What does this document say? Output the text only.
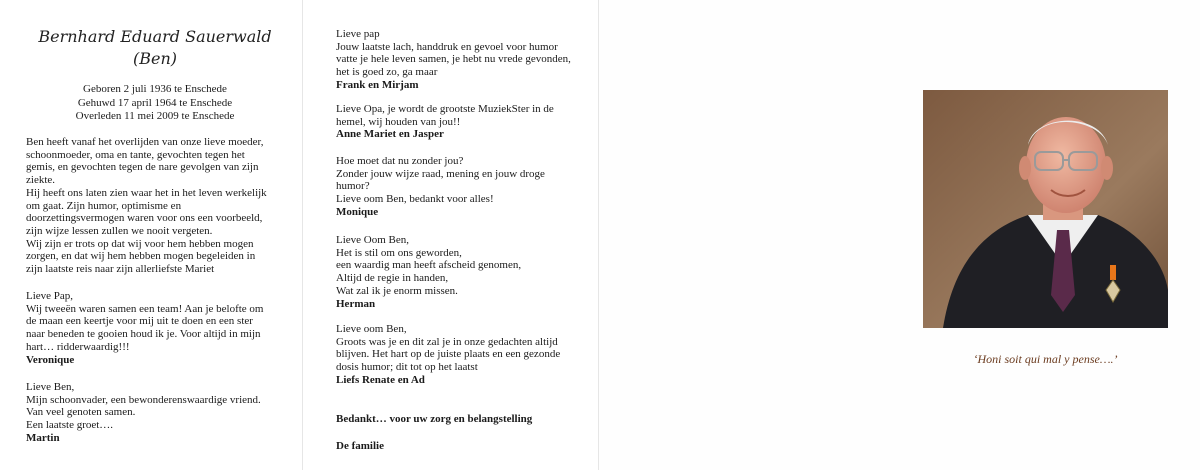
Bernhard Eduard Sauerwald
(Ben)
Geboren 2 juli 1936 te Enschede
Gehuwd 17 april 1964 te Enschede
Overleden 11 mei 2009 te Enschede

Ben heeft vanaf het overlijden van onze lieve moeder,

schoonmoeder, oma en tante, gevochten tegen het

gemis, en gevochten tegen de nare gevolgen van zijn

ziekte.

Hij heeft ons laten zien waar het in het leven werkelijk

om gaat. Zijn humor, optimisme en

doorzettingsvermogen waren voor ons een voorbeeld,

zijn wijze lessen zullen we nooit vergeten.

Wij zijn er trots op dat wij voor hem hebben mogen

zorgen, en dat wij hem hebben mogen begeleiden in

zijn laatste reis naar zijn allerliefste Mariet

Lieve Pap,

Wij tweeën waren samen een team! Aan je belofte om

de maan een keertje voor mij uit te doen en een ster

naar beneden te gooien houd ik je. Voor altijd in mijn

hart… ridderwaardig!!!

Veronique

Lieve Ben,

Mijn schoonvader, een bewonderenswaardige vriend.

Van veel genoten samen.

Een laatste groet….

Martin

Lieve pap

Jouw laatste lach, handdruk en gevoel voor humor

vatte je hele leven samen, je hebt nu vrede gevonden,

het is goed zo, ga maar

Frank en Mirjam

Lieve Opa, je wordt de grootste MuziekSter in de

hemel, wij houden van jou!!

Anne Mariet en Jasper

Hoe moet dat nu zonder jou?

Zonder jouw wijze raad, mening en jouw droge

humor?

Lieve oom Ben, bedankt voor alles!

Monique

Lieve Oom Ben,

Het is stil om ons geworden,

een waardig man heeft afscheid genomen,

Altijd de regie in handen,

Wat zal ik je enorm missen.

Herman

Lieve oom Ben,

Groots was je en dit zal je in onze gedachten altijd

blijven. Het hart op de juiste plaats en een gezonde

dosis humor; dit tot op het laatst

Liefs Renate en Ad

Bedankt… voor uw zorg en belangstelling
De familie
‘Honi soit qui mal y pense….’
